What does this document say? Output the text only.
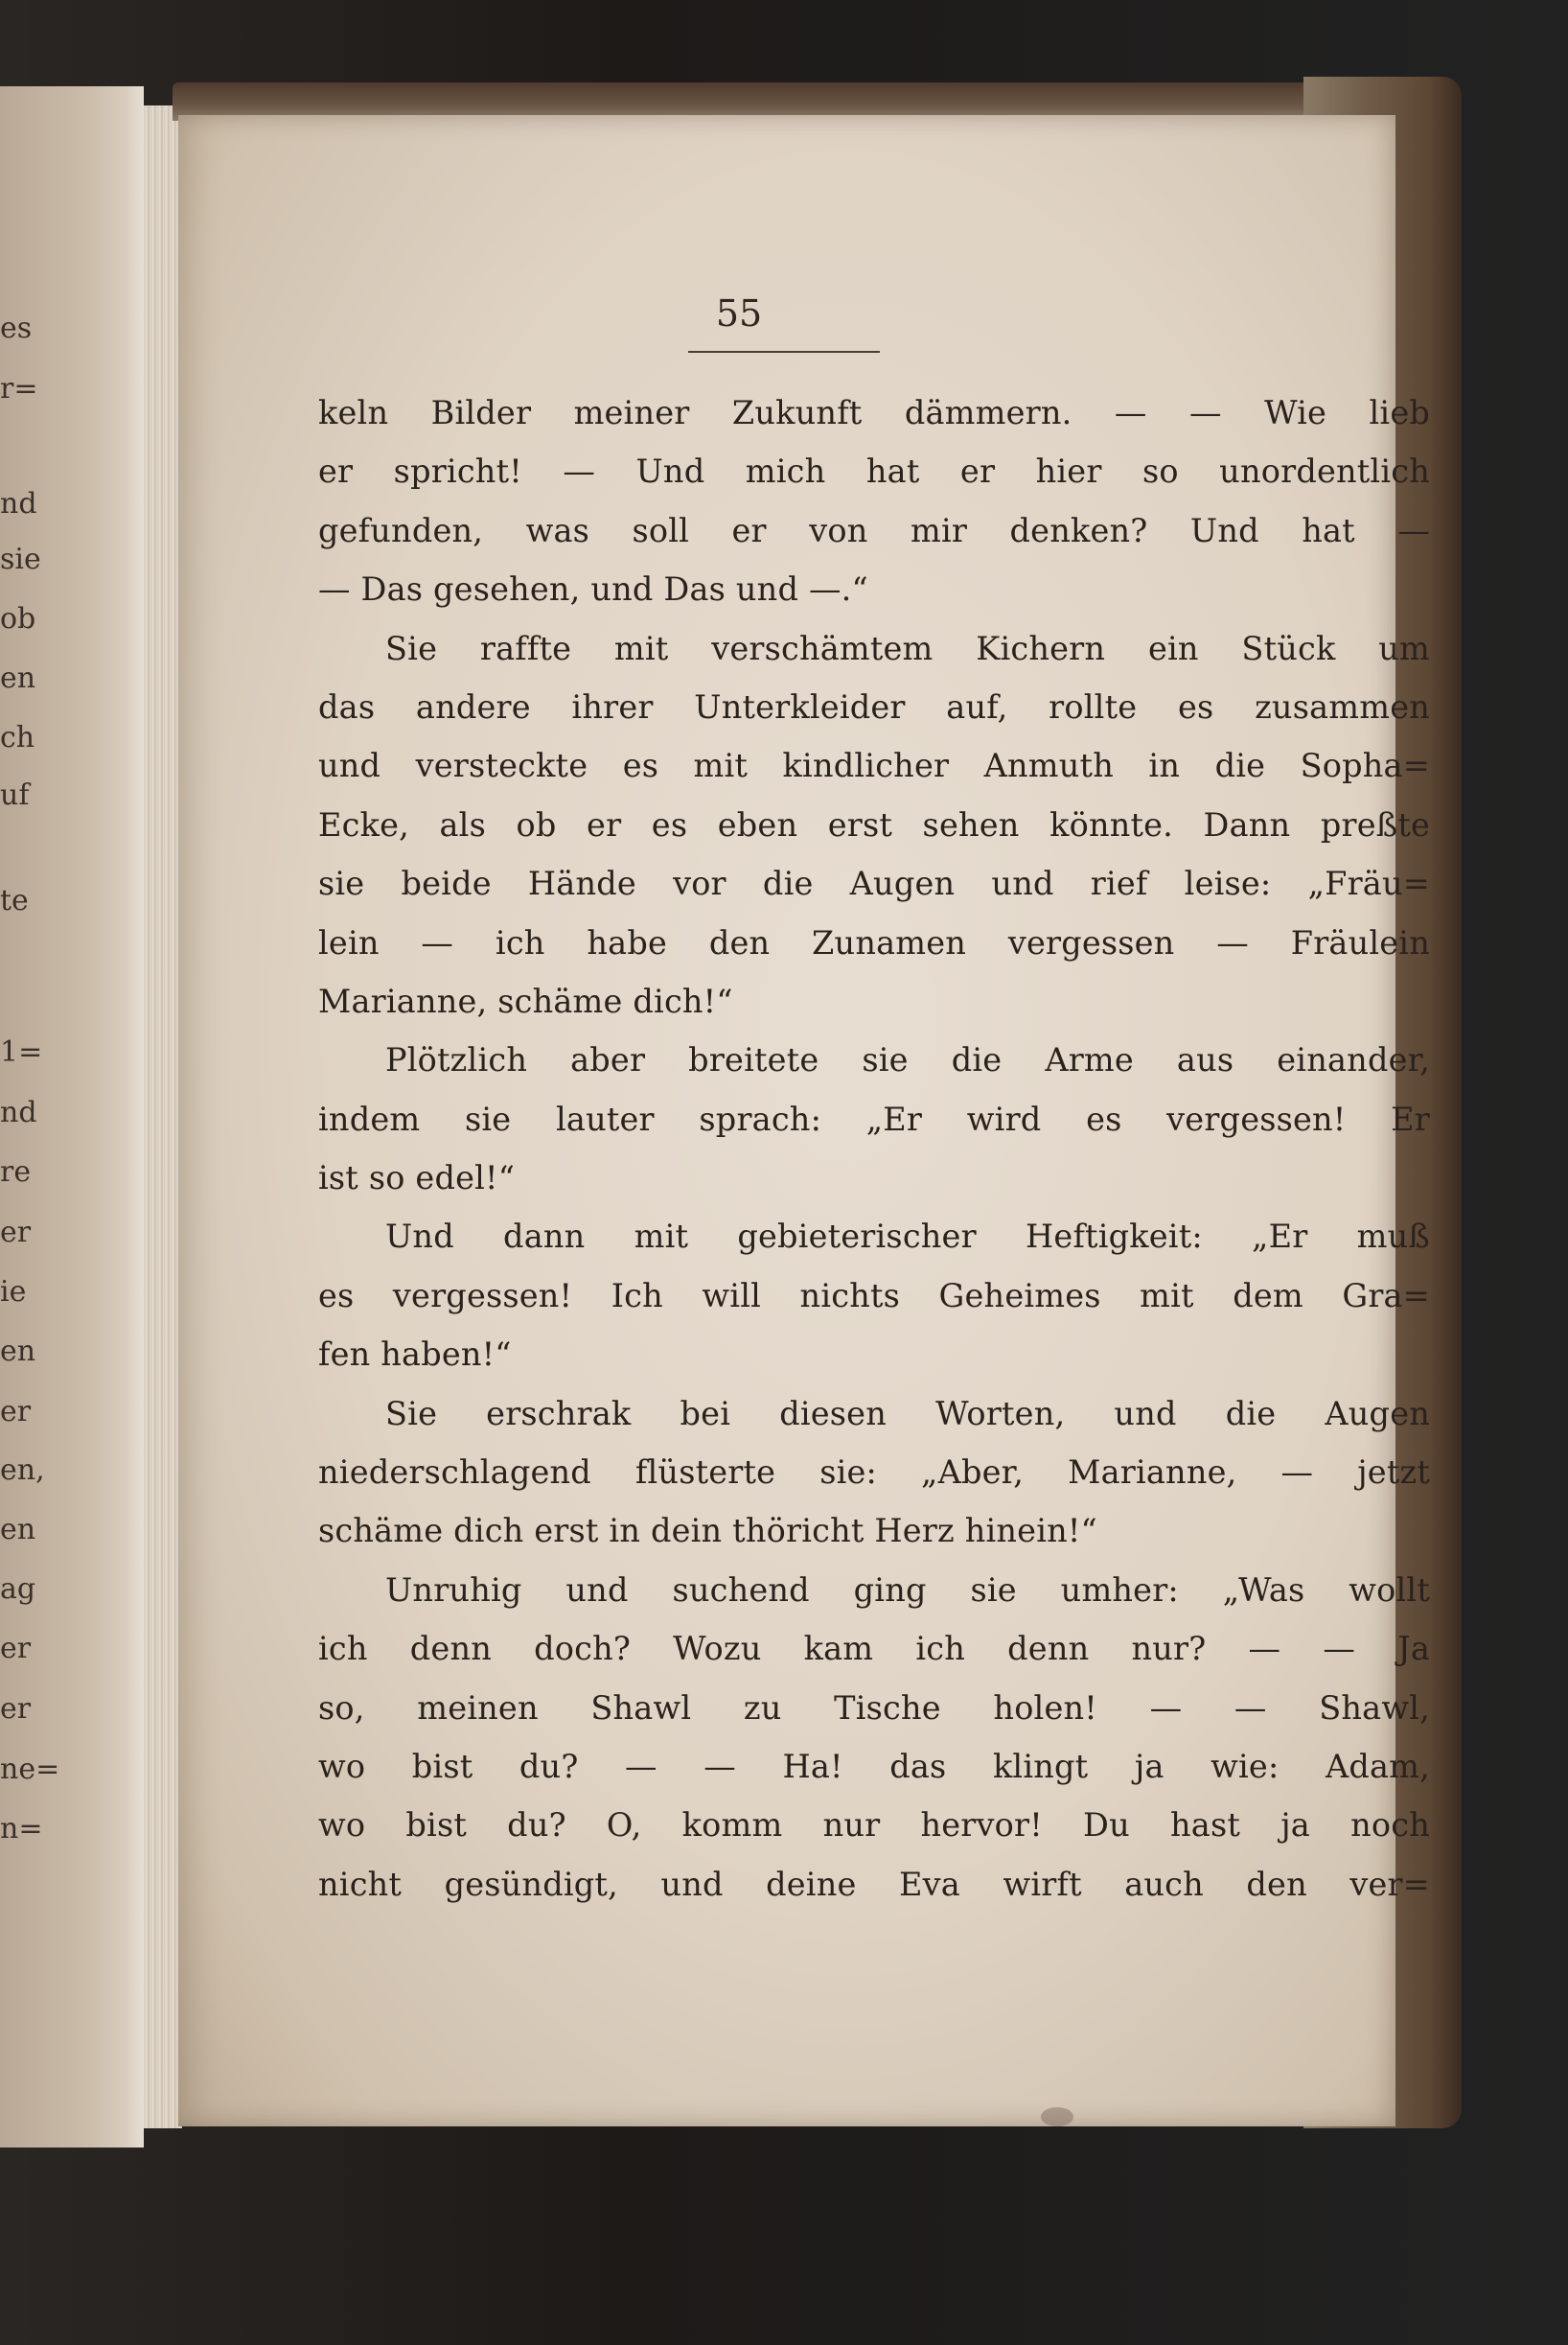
es
r=
nd
sie
ob
en
ch
uf
te
1=
nd
re
er
ie
en
er
en,
en
ag
er
er
ne=
n=
55
keln Bilder meiner Zukunft dämmern. — — Wie lieb
er spricht! — Und mich hat er hier so unordentlich
gefunden, was soll er von mir denken? Und hat —
— Das gesehen, und Das und —.“
Sie raffte mit verschämtem Kichern ein Stück um
das andere ihrer Unterkleider auf, rollte es zusammen
und versteckte es mit kindlicher Anmuth in die Sopha=
Ecke, als ob er es eben erst sehen könnte. Dann preßte
sie beide Hände vor die Augen und rief leise: „Fräu=
lein — ich habe den Zunamen vergessen — Fräulein
Marianne, schäme dich!“
Plötzlich aber breitete sie die Arme aus einander,
indem sie lauter sprach: „Er wird es vergessen! Er
ist so edel!“
Und dann mit gebieterischer Heftigkeit: „Er muß
es vergessen! Ich will nichts Geheimes mit dem Gra=
fen haben!“
Sie erschrak bei diesen Worten, und die Augen
niederschlagend flüsterte sie: „Aber, Marianne, — jetzt
schäme dich erst in dein thöricht Herz hinein!“
Unruhig und suchend ging sie umher: „Was wollt
ich denn doch? Wozu kam ich denn nur? — — Ja
so, meinen Shawl zu Tische holen! — — Shawl,
wo bist du? — — Ha! das klingt ja wie: Adam,
wo bist du? O, komm nur hervor! Du hast ja noch
nicht gesündigt, und deine Eva wirft auch den ver=
